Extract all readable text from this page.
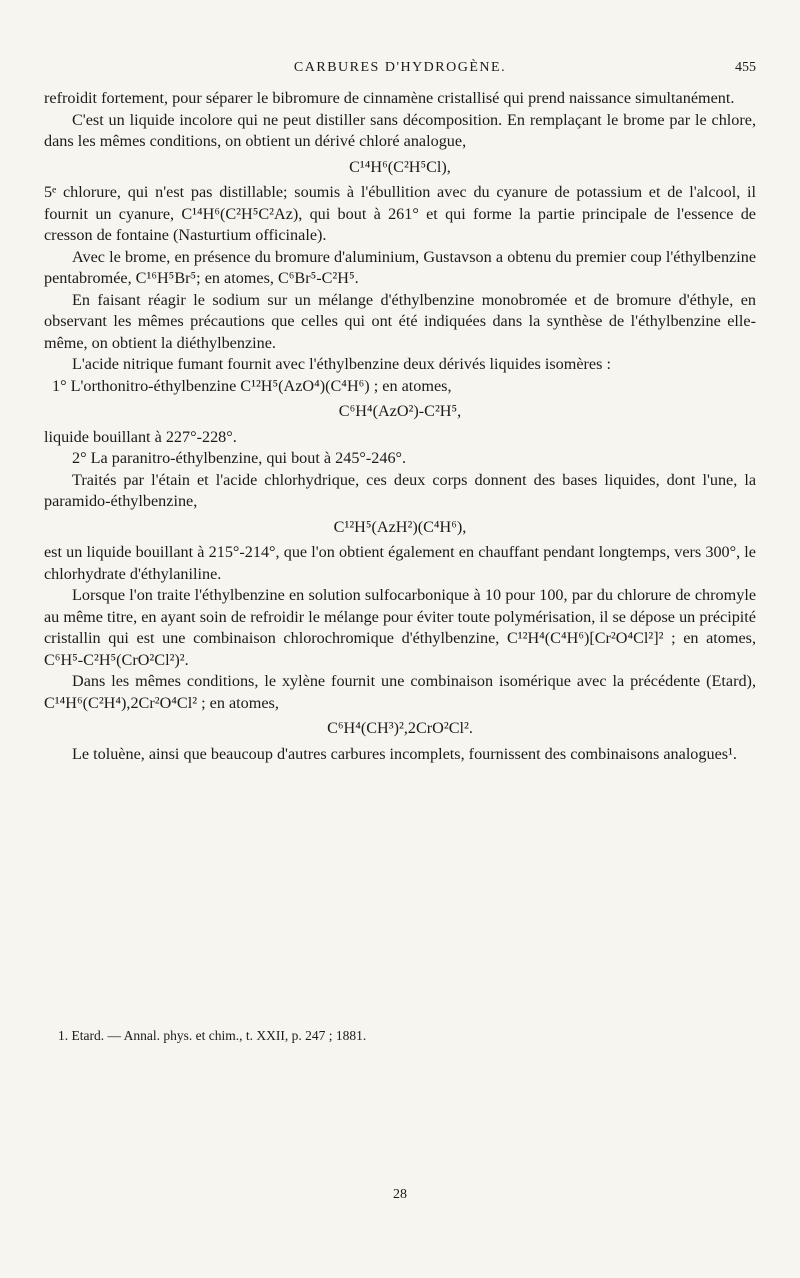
CARBURES D'HYDROGÈNE.	455

refroidit fortement, pour séparer le bibromure de cinnamène cristallisé qui prend naissance simultanément.

C'est un liquide incolore qui ne peut distiller sans décomposition. En remplaçant le brome par le chlore, dans les mêmes conditions, on obtient un dérivé chloré analogue,

C¹⁴H⁶(C²H⁵Cl),

5ᵉ chlorure, qui n'est pas distillable; soumis à l'ébullition avec du cyanure de potassium et de l'alcool, il fournit un cyanure, C¹⁴H⁶(C²H⁵C²Az), qui bout à 261° et qui forme la partie principale de l'essence de cresson de fontaine (Nasturtium officinale).

Avec le brome, en présence du bromure d'aluminium, Gustavson a obtenu du premier coup l'éthylbenzine pentabromée, C¹⁶H⁵Br⁵; en atomes, C⁶Br⁵-C²H⁵.

En faisant réagir le sodium sur un mélange d'éthylbenzine monobromée et de bromure d'éthyle, en observant les mêmes précautions que celles qui ont été indiquées dans la synthèse de l'éthylbenzine elle-même, on obtient la diéthylbenzine.

L'acide nitrique fumant fournit avec l'éthylbenzine deux dérivés liquides isomères :

1° L'orthonitro-éthylbenzine C¹²H⁵(AzO⁴)(C⁴H⁶) ; en atomes,

C⁶H⁴(AzO²)-C²H⁵,

liquide bouillant à 227°-228°.

2° La paranitro-éthylbenzine, qui bout à 245°-246°.

Traités par l'étain et l'acide chlorhydrique, ces deux corps donnent des bases liquides, dont l'une, la paramido-éthylbenzine,

C¹²H⁵(AzH²)(C⁴H⁶),

est un liquide bouillant à 215°-214°, que l'on obtient également en chauffant pendant longtemps, vers 300°, le chlorhydrate d'éthylaniline.

Lorsque l'on traite l'éthylbenzine en solution sulfocarbonique à 10 pour 100, par du chlorure de chromyle au même titre, en ayant soin de refroidir le mélange pour éviter toute polymérisation, il se dépose un précipité cristallin qui est une combinaison chlorochromique d'éthylbenzine, C¹²H⁴(C⁴H⁶)[Cr²O⁴Cl²]² ; en atomes, C⁶H⁵-C²H⁵(CrO²Cl²)².

Dans les mêmes conditions, le xylène fournit une combinaison isomérique avec la précédente (Etard), C¹⁴H⁶(C²H⁴),2Cr²O⁴Cl² ; en atomes,

C⁶H⁴(CH³)²,2CrO²Cl².

Le toluène, ainsi que beaucoup d'autres carbures incomplets, fournissent des combinaisons analogues¹.

1. Etard. — Annal. phys. et chim., t. XXII, p. 247 ; 1881.
28
